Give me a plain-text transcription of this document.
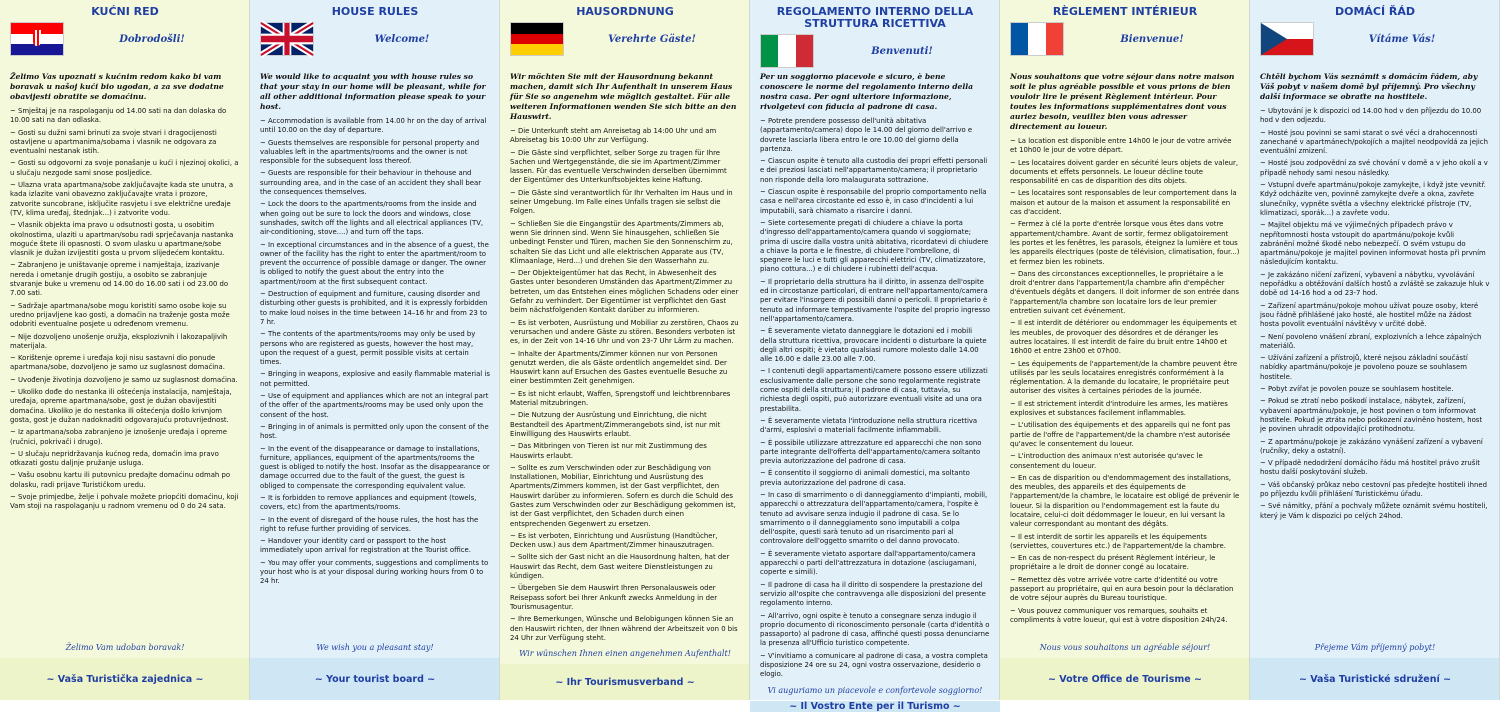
KUĆNI RED
Dobrodošli!
Želimo Vas upoznati s kućnim redom kako bi vam boravak u našoj kući bio ugodan, a za sve dodatne obavijesti obratite se domaćinu.
~ Smještaj je na raspolaganju od 14.00 sati na dan dolaska do 10.00 sati na dan odlaska.
~ Gosti su dužni sami brinuti za svoje stvari i dragocijenosti ostavljene u apartmanima/sobama i vlasnik ne odgovara za eventualni nestanak istih.
~ Gosti su odgovorni za svoje ponašanje u kući i njezinoj okolici, a u slučaju nezgode sami snose posljedice.
~ Ulazna vrata apartmana/sobe zaključavajte kada ste unutra, a kada izlazite vani obavezno zaključavajte vrata i prozore, zatvorite suncobrane, isključite rasvjetu i sve električne uređaje (TV, klima uređaj, štednjak...) i zatvorite vodu.
~ Vlasnik objekta ima pravo u odsutnosti gosta, u osobitim okolnostima, ulaziti u apartman/sobu radi sprječavanja nastanka moguće štete ili opasnosti. O svom ulasku u apartmane/sobe vlasnik je dužan izvijestiti gosta u prvom slijedećem kontaktu.
~ Zabranjeno je uništavanje opreme i namještaja, izazivanje nereda i ometanje drugih gostiju, a osobito se zabranjuje stvaranje buke u vremenu od 14.00 do 16.00 sati i od 23.00 do 7.00 sati.
~ Sadržaje apartmana/sobe mogu koristiti samo osobe koje su uredno prijavljene kao gosti, a domaćin na traženje gosta može odobriti eventualne posjete u određenom vremenu.
~ Nije dozvoljeno unošenje oružja, eksplozivnih i lakozapaljivih materijala.
~ Korištenje opreme i uređaja koji nisu sastavni dio ponude apartmana/sobe, dozvoljeno je samo uz suglasnost domaćina.
~ Uvođenje životinja dozvoljeno je samo uz suglasnost domaćina.
~ Ukoliko dođe do nestanka ili oštećenja instalacija, namještaja, uređaja, opreme apartmana/sobe, gost je dužan obavijestiti domaćina. Ukoliko je do nestanka ili oštećenja došlo krivnjom gosta, gost je dužan nadoknaditi odgovarajuću protuvrijednost.
~ Iz apartmana/soba zabranjeno je iznošenje uređaja i opreme (ručnici, pokrivači i drugo).
~ U slučaju nepridržavanja kućnog reda, domaćin ima pravo otkazati gostu daljnje pružanje usluga.
~ Vašu osobnu kartu ili putovnicu predajte domaćinu odmah po dolasku, radi prijave Turističkom uredu.
~ Svoje primjedbe, želje i pohvale možete priopćiti domaćinu, koji Vam stoji na raspolaganju u radnom vremenu od 0 do 24 sata.
Želimo Vam udoban boravak!
~ Vaša Turistička zajednica ~
HOUSE RULES
Welcome!
We would like to acquaint you with house rules so that your stay in our home will be pleasant, while for all other additional information please speak to your host.
~ Accommodation is available from 14.00 hr on the day of arrival until 10.00 on the day of departure.
~ Guests themselves are responsible for personal property and valuables left in the apartments/rooms and the owner is not responsible for the subsequent loss thereof.
~ Guests are responsible for their behaviour in thehouse and surrounding area, and in the case of an accident they shall bear the consequences themselves.
~ Lock the doors to the apartments/rooms from the inside and when going out be sure to lock the doors and windows, close sunshades, switch off the lights and all electrical appliances (TV, air-conditioning, stove....) and turn off the taps.
~ In exceptional circumstances and in the absence of a guest, the owner of the facility has the right to enter the apartment/room to prevent the occurrence of possible damage or danger. The owner is obliged to notify the guest about the entry into the apartment/room at the first subsequent contact.
~ Destruction of equipment and furniture, causing disorder and disturbing other guests is prohibited, and it is expressly forbidden to make loud noises in the time between 14–16 hr and from 23 to 7 hr.
~ The contents of the apartments/rooms may only be used by persons who are registered as guests, however the host may, upon the request of a guest, permit possible visits at certain times.
~ Bringing in weapons, explosive and easily flammable material is not permitted.
~ Use of equipment and appliances which are not an integral part of the offer of the apartments/rooms may be used only upon the consent of the host.
~ Bringing in of animals is permitted only upon the consent of the host.
~ In the event of the disappearance or damage to installations, furniture, appliances, equipment of the apartments/rooms the guest is obliged to notify the host. Insofar as the disappearance or damage occurred due to the fault of the guest, the guest is obliged to compensate the corresponding equivalent value.
~ It is forbidden to remove appliances and equipment (towels, covers, etc) from the apartments/rooms.
~ In the event of disregard of the house rules, the host has the right to refuse further providing of services.
~ Handover your identity card or passport to the host immediately upon arrival for registration at the Tourist office.
~ You may offer your comments, suggestions and compliments to your host who is at your disposal during working hours from 0 to 24 hr.
We wish you a pleasant stay!
~ Your tourist board ~
HAUSORDNUNG
Verehrte Gäste!
Wir möchten Sie mit der Hausordnung bekannt machen, damit sich Ihr Aufenthalt in unserem Haus für Sie so angenehm wie möglich gestaltet. Für alle weiteren Informationen wenden Sie sich bitte an den Hauswirt.
~ Die Unterkunft steht am Anreisetag ab 14:00 Uhr und am Abreisetag bis 10:00 Uhr zur Verfügung.
~ Die Gäste sind verpflichtet, selber Sorge zu tragen für Ihre Sachen und Wertgegenstände, die sie im Apartment/Zimmer lassen. Für das eventuelle Verschwinden derselben übernimmt der Eigentümer des Unterkunftsobjektes keine Haftung.
~ Die Gäste sind verantwortlich für Ihr Verhalten im Haus und in seiner Umgebung. Im Falle eines Unfalls tragen sie selbst die Folgen.
~ Schließen Sie die Eingangstür des Apartments/Zimmers ab, wenn Sie drinnen sind. Wenn Sie hinausgehen, schließen Sie unbedingt Fenster und Türen, machen Sie den Sonnenschirm zu, schalten Sie das Licht und alle elektrischen Apparate aus (TV, Klimaanlage, Herd...) und drehen Sie den Wasserhahn zu.
~ Der Objekteigentümer hat das Recht, in Abwesenheit des Gastes unter besonderen Umständen das Apartment/Zimmer zu betreten, um das Entstehen eines möglichen Schadens oder einer Gefahr zu verhindert. Der Eigentümer ist verpflichtet den Gast beim nächstfolgenden Kontakt darüber zu informieren.
~ Es ist verboten, Ausrüstung und Mobiliar zu zerstören, Chaos zu verursachen und andere Gäste zu stören. Besonders verboten ist es, in der Zeit von 14-16 Uhr und von 23-7 Uhr Lärm zu machen.
~ Inhalte der Apartments/Zimmer können nur von Personen genutzt werden, die als Gäste ordentlich angemeldet sind. Der Hauswirt kann auf Ersuchen des Gastes eventuelle Besuche zu einer bestimmten Zeit genehmigen.
~ Es ist nicht erlaubt, Waffen, Sprengstoff und leichtbrennbares Material mitzubringen.
~ Die Nutzung der Ausrüstung und Einrichtung, die nicht Bestandteil des Apartment/Zimmerangebots sind, ist nur mit Einwilligung des Hauswirts erlaubt.
~ Das Mitbringen von Tieren ist nur mit Zustimmung des Hauswirts erlaubt.
~ Sollte es zum Verschwinden oder zur Beschädigung von Installationen, Mobiliar, Einrichtung und Ausrüstung des Apartments/Zimmers kommen, ist der Gast verpflichtet, den Hauswirt darüber zu informieren. Sofern es durch die Schuld des Gastes zum Verschwinden oder zur Beschädigung gekommen ist, ist der Gast verpflichtet, den Schaden durch einen entsprechenden Gegenwert zu ersetzen.
~ Es ist verboten, Einrichtung und Ausrüstung (Handtücher, Decken usw.) aus dem Apartment/Zimmer hinauszutragen.
~ Sollte sich der Gast nicht an die Hausordnung halten, hat der Hauswirt das Recht, dem Gast weitere Dienstleistungen zu kündigen.
~ Übergeben Sie dem Hauswirt Ihren Personalausweis oder Reisepass sofort bei Ihrer Ankunft zwecks Anmeldung in der Tourismusagentur.
~ Ihre Bemerkungen, Wünsche und Belobigungen können Sie an den Hauswirt richten, der Ihnen während der Arbeitszeit von 0 bis 24 Uhr zur Verfügung steht.
Wir wünschen Ihnen einen angenehmen Aufenthalt!
~ Ihr Tourismusverband ~
REGOLAMENTO INTERNO DELLA STRUTTURA RICETTIVA
Benvenuti!
Per un soggiorno piacevole e sicuro, è bene conoscere le norme del regolamento interno della nostra casa. Per ogni ulteriore informazione, rivolgetevi con fiducia al padrone di casa.
~ Potrete prendere possesso dell'unità abitativa (appartamento/camera) dopo le 14.00 del giorno dell'arrivo e dovrete lasciarla libera entro le ore 10.00 del giorno della partenza.
~ Ciascun ospite è tenuto alla custodia dei propri effetti personali e dei preziosi lasciati nell'appartamento/camera; il proprietario non risponde della loro malaugurata sottrazione.
~ Ciascun ospite è responsabile del proprio comportamento nella casa e nell'area circostante ed esso è, in caso d'incidenti a lui imputabili, sarà chiamato a risarcire i danni.
~ Siete cortesemente pregati di chiudere a chiave la porta d'ingresso dell'appartamento/camera quando vi soggiornate; prima di uscire dalla vostra unità abitativa, ricordatevi di chiudere a chiave la porta e le finestre, di chiudere l'ombrellone, di spegnere le luci e tutti gli apparecchi elettrici (TV, climatizzatore, piano cottura...) e di chiudere i rubinetti dell'acqua.
~ Il proprietario della struttura ha il diritto, in assenza dell'ospite ed in circostanze particolari, di entrare nell'appartamento/camera per evitare l'insorgere di possibili danni o pericoli. Il proprietario è tenuto ad informare tempestivamente l'ospite del proprio ingresso nell'appartamento/camera.
~ È severamente vietato danneggiare le dotazioni ed i mobili della struttura ricettiva, provocare incidenti o disturbare la quiete degli altri ospiti; è vietato qualsiasi rumore molesto dalle 14.00 alle 16.00 e dalle 23.00 alle 7.00.
~ I contenuti degli appartamenti/camere possono essere utilizzati esclusivamente dalle persone che sono regolarmente registrate come ospiti della struttura; il padrone di casa, tuttavia, su richiesta degli ospiti, può autorizzare eventuali visite ad una ora prestabilita.
~ È severamente vietata l'introduzione nella struttura ricettiva d'armi, esplosivi o materiali facilmente infiammabili.
~ È possibile utilizzare attrezzature ed apparecchi che non sono parte integrante dell'offerta dell'appartamento/camera soltanto previa autorizzazione del padrone di casa.
~ È consentito il soggiorno di animali domestici, ma soltanto previa autorizzazione del padrone di casa.
~ In caso di smarrimento o di danneggiamento d'impianti, mobili, apparecchi o attrezzatura dell'appartamento/camera, l'ospite è tenuto ad avvisare senza indugio il padrone di casa. Se lo smarrimento o il danneggiamento sono imputabili a colpa dell'ospite, questi sarà tenuto ad un risarcimento pari al controvalore dell'oggetto smarrito o del danno provocato.
~ È severamente vietato asportare dall'appartamento/camera apparecchi o parti dell'attrezzatura in dotazione (asciugamani, coperte e simili).
~ Il padrone di casa ha il diritto di sospendere la prestazione del servizio all'ospite che contravvenga alle disposizioni del presente regolamento interno.
~ All'arrivo, ogni ospite è tenuto a consegnare senza indugio il proprio documento di riconoscimento personale (carta d'identità o passaporto) al padrone di casa, affinché questi possa denunciarne la presenza all'Ufficio turistico competente.
~ V'invitiamo a comunicare al padrone di casa, a vostra completa disposizione 24 ore su 24, ogni vostra osservazione, desiderio o elogio.
Vi auguriamo un piacevole e confortevole soggiorno!
~ Il Vostro Ente per il Turismo ~
RÈGLEMENT INTÉRIEUR
Bienvenue!
Nous souhaitons que votre séjour dans notre maison soit le plus agréable possible et vous prions de bien vouloir lire le présent Règlement intérieur. Pour toutes les informations supplémentaires dont vous auriez besoin, veuillez bien vous adresser directement au loueur.
~ La location est disponible entre 14h00 le jour de votre arrivée et 10h00 le jour de votre départ.
~ Les locataires doivent garder en sécurité leurs objets de valeur, documents et effets personnels. Le loueur décline toute responsabilité en cas de disparition des dits objets.
~ Les locataires sont responsables de leur comportement dans la maison et autour de la maison et assument la responsabilité en cas d'accident.
~ Fermez à clé la porte d'entrée lorsque vous êtes dans votre appartement/chambre. Avant de sortir, fermez obligatoirement les portes et les fenêtres, les parasols, éteignez la lumière et tous les appareils électriques (poste de télévision, climatisation, four...) et fermez bien les robinets.
~ Dans des circonstances exceptionnelles, le propriétaire a le droit d'entrer dans l'appartement/la chambre afin d'empêcher d'éventuels dégâts et dangers. Il doit informer de son entrée dans l'appartement/la chambre son locataire lors de leur premier entretien suivant cet événement.
~ Il est interdit de détériorer ou endommager les équipements et les meubles, de provoquer des désordres et de déranger les autres locataires. Il est interdit de faire du bruit entre 14h00 et 16h00 et entre 23h00 et 07h00.
~ Les équipements de l'appartement/de la chambre peuvent être utilisés par les seuls locataires enregistrés conformément à la réglementation. À la demande du locataire, le propriétaire peut autoriser des visites à certaines périodes de la journée.
~ Il est strictement interdit d'introduire les armes, les matières explosives et substances facilement inflammables.
~ L'utilisation des équipements et des appareils qui ne font pas partie de l'offre de l'appartement/de la chambre n'est autorisée qu'avec le consentement du loueur.
~ L'introduction des animaux n'est autorisée qu'avec le consentement du loueur.
~ En cas de disparition ou d'endommagement des installations, des meubles, des appareils et des équipements de l'appartement/de la chambre, le locataire est obligé de prévenir le loueur. Si la disparition ou l'endommagement est la faute du locataire, celui-ci doit dédommager le loueur, en lui versant la valeur correspondant au montant des dégâts.
~ Il est interdit de sortir les appareils et les équipements (serviettes, couvertures etc.) de l'appartement/de la chambre.
~ En cas de non-respect du présent Règlement intérieur, le propriétaire a le droit de donner congé au locataire.
~ Remettez dès votre arrivée votre carte d'identité ou votre passeport au propriétaire, qui en aura besoin pour la déclaration de votre séjour auprès du Bureau touristique.
~ Vous pouvez communiquer vos remarques, souhaits et compliments à votre loueur, qui est à votre disposition 24h/24.
Nous vous souhaitons un agréable séjour!
~ Votre Office de Tourisme ~
DOMÁCÍ ŘÁD
Vítáme Vás!
Chtěli bychom Vás seznámit s domácím řádem, aby Váš pobyt v našem domě byl příjemný. Pro všechny další informace se obraťte na hostitele.
~ Ubytování je k dispozici od 14.00 hod v den příjezdu do 10.00 hod v den odjezdu.
~ Hosté jsou povinni se sami starat o své věci a drahocennosti zanechané v apartmánech/pokojích a majitel neodpovídá za jejich eventuální zmizení.
~ Hosté jsou zodpovědní za své chování v domě a v jeho okolí a v případě nehody sami nesou následky.
~ Vstupní dveře apartmánu/pokoje zamykejte, i když jste vevnitř. Když odcházíte ven, povinně zamykejte dveře a okna, zavřete slunečníky, vypněte světla a všechny elektrické přístroje (TV, klimatizaci, sporák...) a zavřete vodu.
~ Majitel objektu má ve výjimečných případech právo v nepřítomnosti hosta vstoupit do apartmánu/pokoje kvůli zabránění možné škodě nebo nebezpečí. O svém vstupu do apartmánu/pokoje je majitel povinen informovat hosta při prvním následujícím kontaktu.
~ Je zakázáno ničení zařízení, vybavení a nábytku, vyvolávání nepořádku a obtěžování dalších hostů a zvláště se zakazuje hluk v době od 14-16 hod a od 23-7 hod.
~ Zařízení apartmánu/pokoje mohou užívat pouze osoby, které jsou řádně přihlášené jako hosté, ale hostitel může na žádost hosta povolit eventuální návštěvy v určité době.
~ Není povoleno vnášení zbraní, explozivních a lehce zápalných materiálů.
~ Užívání zařízení a přístrojů, které nejsou základní součástí nabídky apartmánu/pokoje je povoleno pouze se souhlasem hostitele.
~ Pobyt zvířat je povolen pouze se souhlasem hostitele.
~ Pokud se ztratí nebo poškodí instalace, nábytek, zařízení, vybavení apartmánu/pokoje, je host povinen o tom informovat hostitele. Pokud je ztráta nebo poškození zaviněno hostem, host je povinen uhradit odpovídající protihodnotu.
~ Z apartmánu/pokoje je zakázáno vynášení zařízení a vybavení (ručníky, deky a ostatní).
~ V případě nedodržení domácího řádu má hostitel právo zrušit hostu další poskytování služeb.
~ Váš občanský průkaz nebo cestovní pas předejte hostiteli ihned po příjezdu kvůli přihlášení Turistickému úřadu.
~ Své námitky, přání a pochvaly můžete oznámit svému hostiteli, který je Vám k dispozici po celých 24hod.
Přejeme Vám příjemný pobyt!
~ Vaša Turistické sdružení ~
